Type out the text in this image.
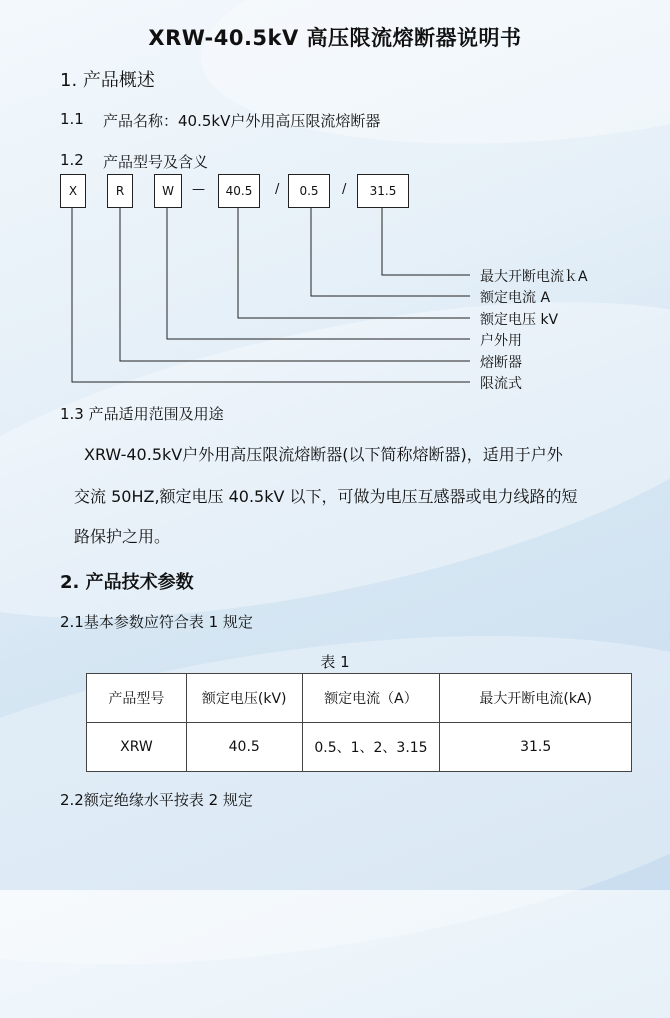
XRW-40.5kV 高压限流熔断器说明书
1. 产品概述
1.1 产品名称：40.5kV户外用高压限流熔断器
1.2 产品型号及含义
X	R	W	—	40.5	/	0.5	/	31.5
最大开断电流ｋA
额定电流 A
额定电压 kV
户外用
熔断器
限流式
1.3 产品适用范围及用途
XRW-40.5kV户外用高压限流熔断器(以下简称熔断器)，适用于户外
交流 50HZ,额定电压 40.5kV 以下，可做为电压互感器或电力线路的短
路保护之用。
2. 产品技术参数
2.1基本参数应符合表 1 规定
表 1
产品型号	额定电压(kV)	额定电流（A）	最大开断电流(kA)
XRW	40.5	0.5、1、2、3.15	31.5
2.2额定绝缘水平按表 2 规定
